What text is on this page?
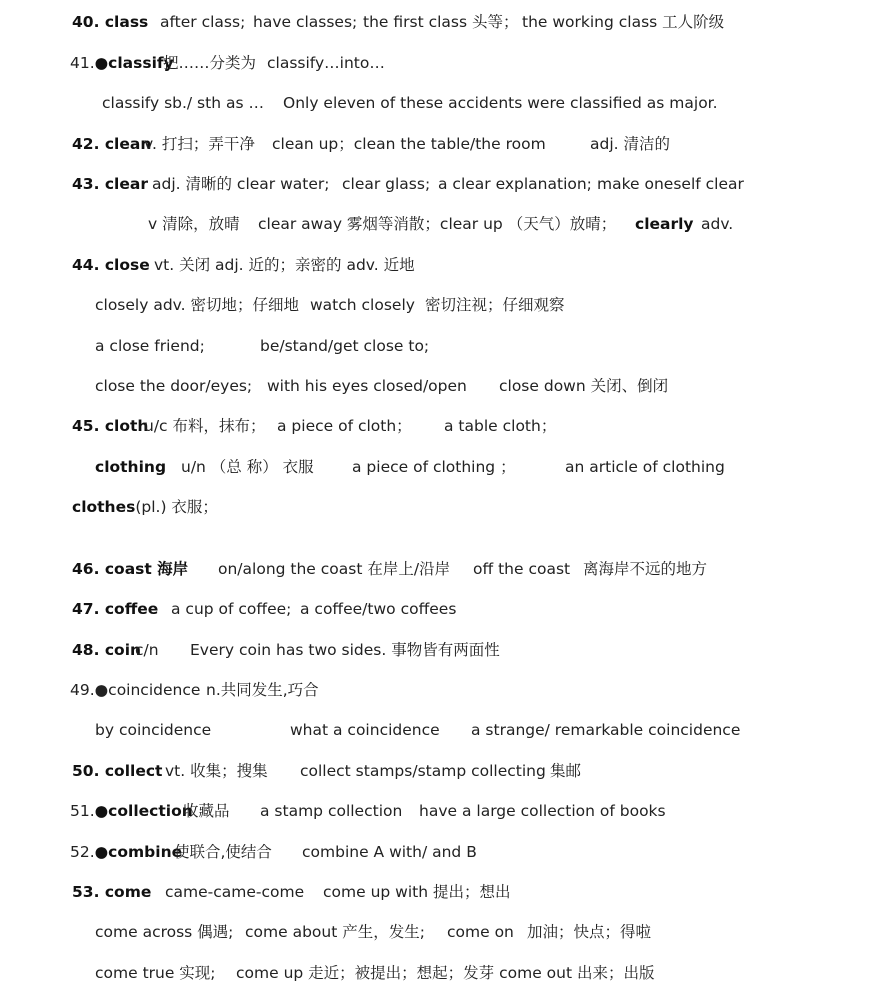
40. class after class; have classes; the first class 头等； the working class 工人阶级
41.●classify
把……分类为 classify…into…
classify sb./ sth as … Only eleven of these accidents were classified as major.
42. clean
v. 打扫；弄干净 clean up；clean the table/the room	adj. 清洁的
43. clear adj. 清晰的 clear water; clear glass; a clear explanation; make oneself clear
v 清除，放晴 clear away 雾烟等消散；clear up （天气）放晴； clearly adv.
44. close vt. 关闭 adj. 近的；亲密的 adv. 近地
closely adv. 密切地；仔细地 watch closely 密切注视；仔细观察
a close friend;	be/stand/get close to;
close the door/eyes; with his eyes closed/open close down 关闭、倒闭
45. cloth
u/c 布料，抹布； a piece of cloth； a table cloth；
clothing u/n （总 称） 衣服 a piece of clothing ；	an article of clothing
clothes(pl.) 衣服；
46. coast 海岸 on/along the coast 在岸上/沿岸 off the coast 离海岸不远的地方
47. coffee a cup of coffee; a coffee/two coffees
48. coin
c/n Every coin has two sides. 事物皆有两面性
49.●coincidence n.共同发生,巧合
by coincidence	what a coincidence a strange/ remarkable coincidence
50. collect vt. 收集；搜集 collect stamps/stamp collecting 集邮
51.●collection
收藏品 a stamp collection have a large collection of books
52.●combine
使联合,使结合 combine A with/ and B
53. come came-came-come come up with 提出；想出
come across 偶遇; come about 产生，发生; come on 加油；快点；得啦
come true 实现; come up 走近；被提出；想起；发芽 come out 出来；出版
